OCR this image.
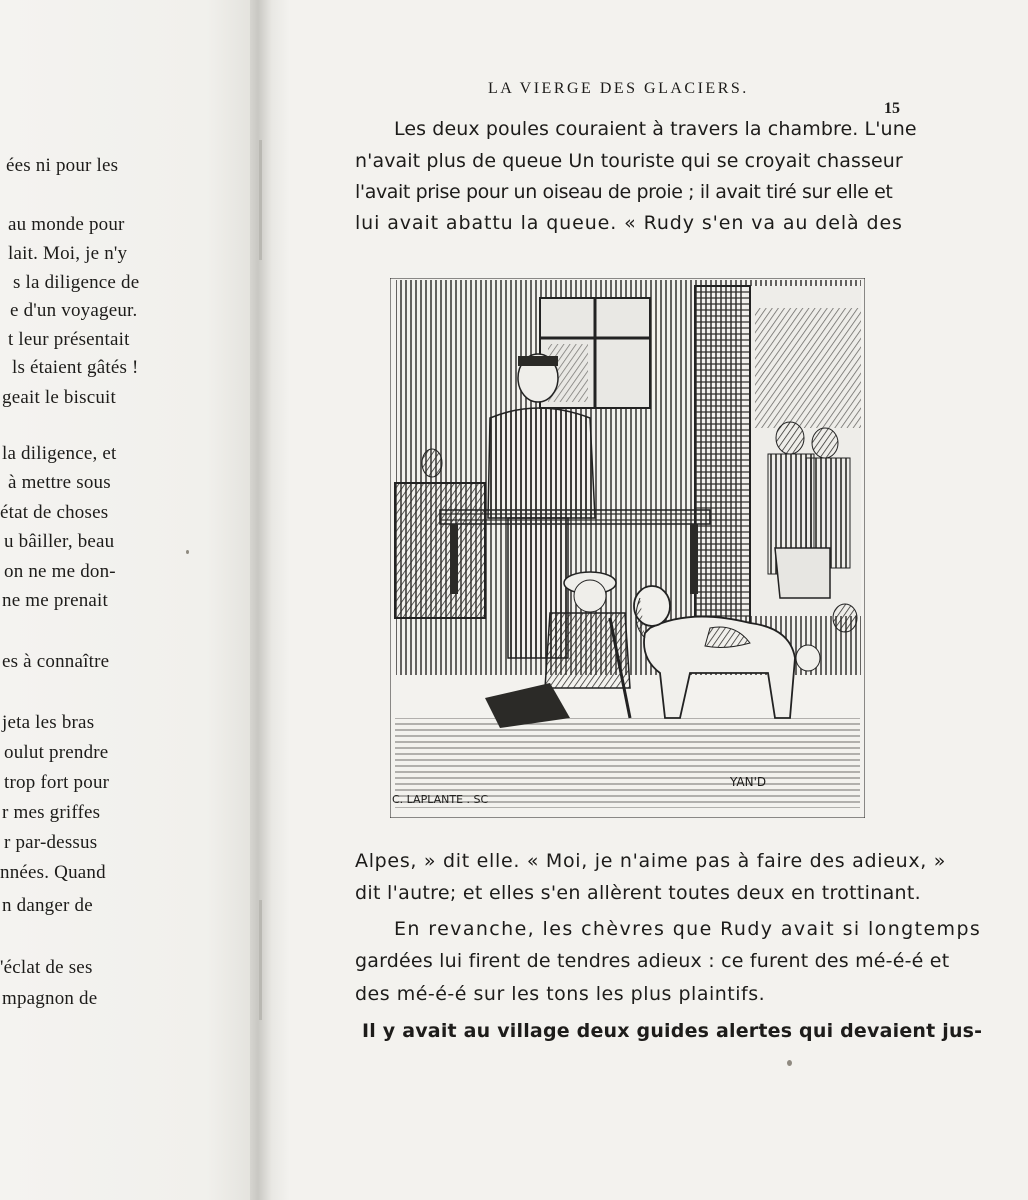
ées ni pour les
au monde pour
lait. Moi, je n'y
s la diligence de
e d'un voyageur.
t leur présentait
ls étaient gâtés !
geait le biscuit
la diligence, et
à mettre sous
état de choses
u bâiller, beau
on ne me don-
ne me prenait
es à connaître
jeta les bras
oulut prendre
trop fort pour
r mes griffes
r par-dessus
nnées. Quand
n danger de
'éclat de ses
mpagnon de
LA VIERGE DES GLACIERS.
15
Les deux poules couraient à travers la chambre. L'une
n'avait plus de queue Un touriste qui se croyait chasseur
l'avait prise pour un oiseau de proie ; il avait tiré sur elle et
lui avait abattu la queue. « Rudy s'en va au delà des
C. LAPLANTE . SC
YAN'D
Alpes, » dit elle. « Moi, je n'aime pas à faire des adieux, »
dit l'autre; et elles s'en allèrent toutes deux en trottinant.
En revanche, les chèvres que Rudy avait si longtemps
gardées lui firent de tendres adieux : ce furent des mé-é-é et
des mé-é-é sur les tons les plus plaintifs.
Il y avait au village deux guides alertes qui devaient jus-
